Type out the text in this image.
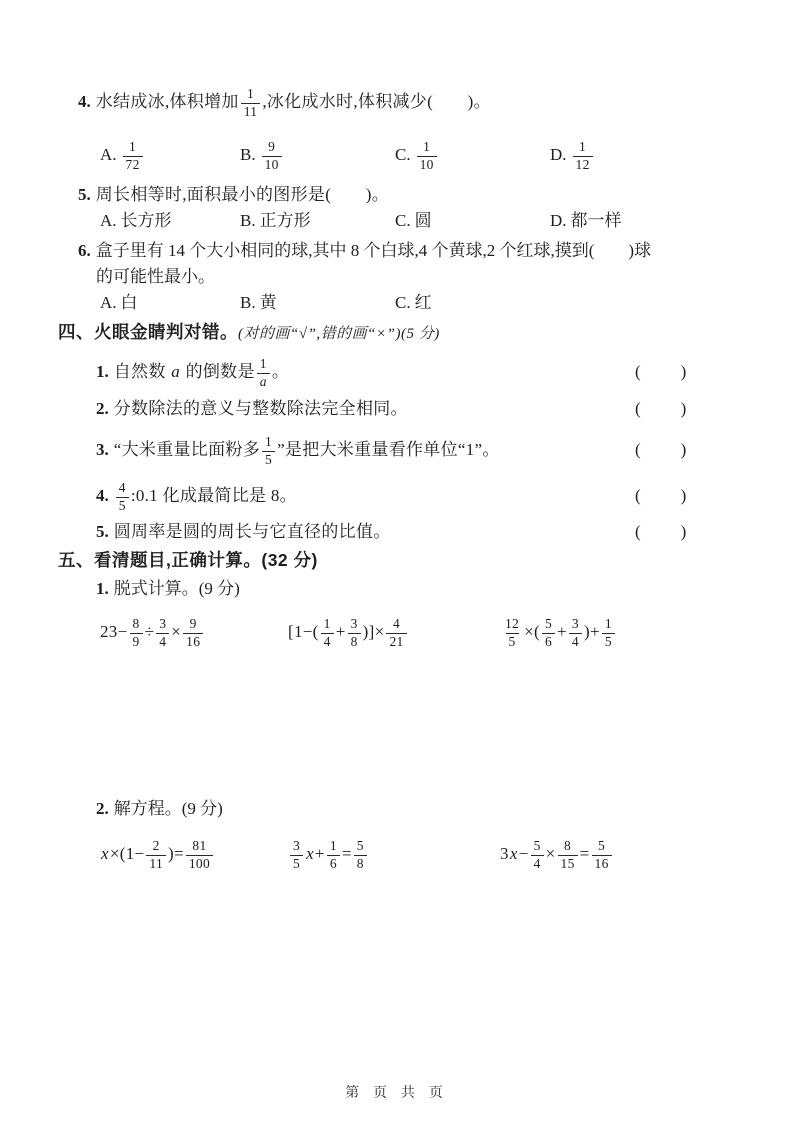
4. 水结成冰,体积增加 $\frac{1}{11}$ ,冰化成水时,体积减少(　　)。
A. $\frac{1}{72}$	B. $\frac{9}{10}$	C. $\frac{1}{10}$	D. $\frac{1}{12}$
5. 周长相等时,面积最小的图形是(　　)。
A. 长方形	B. 正方形	C. 圆	D. 都一样
6. 盒子里有 14 个大小相同的球,其中 8 个白球,4 个黄球,2 个红球,摸到(　　)球
的可能性最小。
A. 白	B. 黄	C. 红
四、火眼金睛判对错。(对的画“√”,错的画“×”)(5 分)
1. 自然数 a 的倒数是 $\frac{1}{a}$ 。	(　　)
2. 分数除法的意义与整数除法完全相同。	(　　)
3. “大米重量比面粉多 $\frac{1}{5}$ ”是把大米重量看作单位“1”。	(　　)
4. $\frac{4}{5}$ :0.1 化成最简比是 8。	(　　)
5. 圆周率是圆的周长与它直径的比值。	(　　)
五、看清题目,正确计算。(32 分)
1. 脱式计算。(9 分)
$23- \frac{8}{9} \div \frac{3}{4} \times \frac{9}{16}$	[$1-( \frac{1}{4} + \frac{3}{8}$ )]× $\frac{4}{21}$	$\frac{12}{5}$ ×( $\frac{5}{6} + \frac{3}{4}$ )+ $\frac{1}{5}$
2. 解方程。(9 分)
$x\times(1- \frac{2}{11}$ )= $\frac{81}{100}$	$\frac{3}{5} x+ \frac{1}{6} = \frac{5}{8}$	$3x- \frac{5}{4} \times \frac{8}{15} = \frac{5}{16}$
第 页 共 页
